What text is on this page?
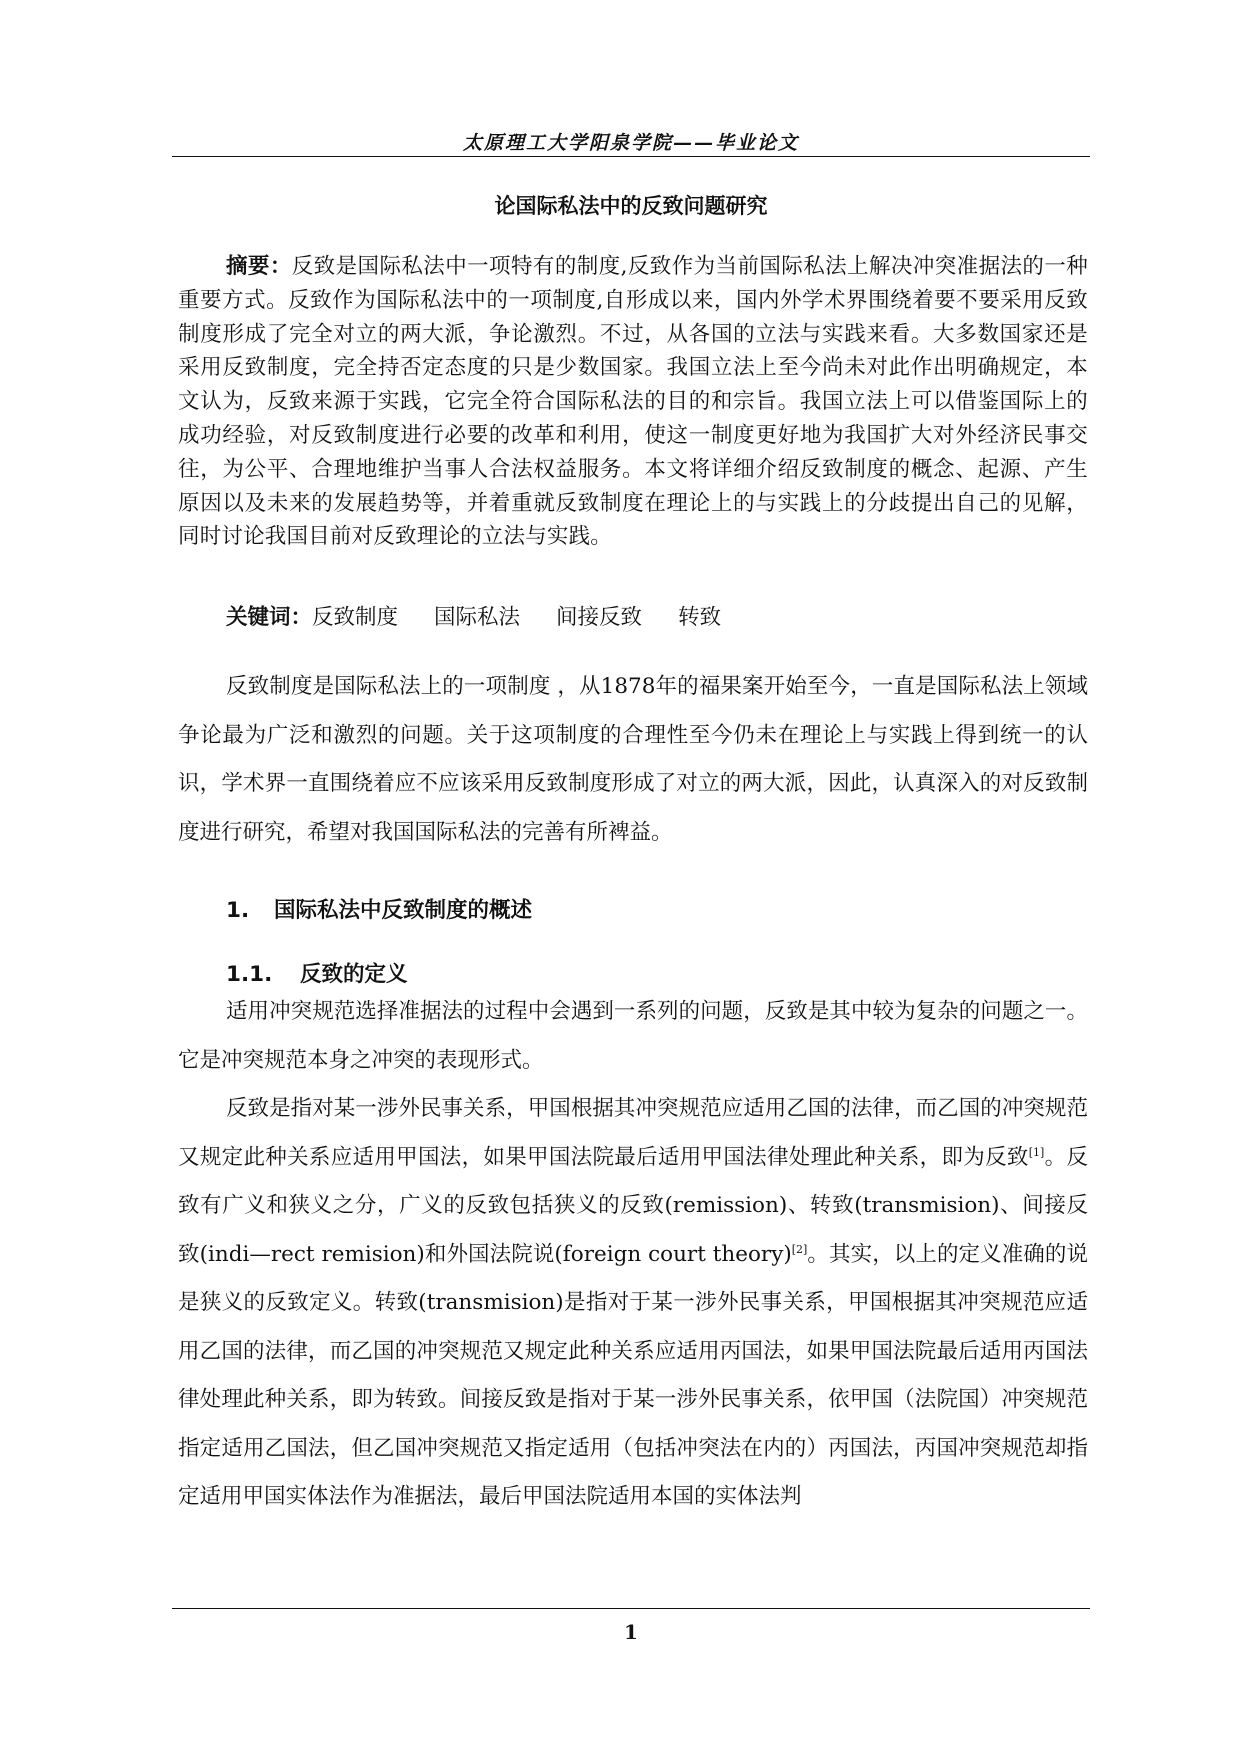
太原理工大学阳泉学院——毕业论文
论国际私法中的反致问题研究

摘要：反致是国际私法中一项特有的制度,反致作为当前国际私法上解决冲突准据法的一种重要方式。反致作为国际私法中的一项制度,自形成以来，国内外学术界围绕着要不要采用反致制度形成了完全对立的两大派，争论激烈。不过，从各国的立法与实践来看。大多数国家还是采用反致制度，完全持否定态度的只是少数国家。我国立法上至今尚未对此作出明确规定，本文认为，反致来源于实践，它完全符合国际私法的目的和宗旨。我国立法上可以借鉴国际上的成功经验，对反致制度进行必要的改革和利用，使这一制度更好地为我国扩大对外经济民事交往，为公平、合理地维护当事人合法权益服务。本文将详细介绍反致制度的概念、起源、产生原因以及未来的发展趋势等，并着重就反致制度在理论上的与实践上的分歧提出自己的见解，同时讨论我国目前对反致理论的立法与实践。

关键词：反致制度 国际私法 间接反致 转致

反致制度是国际私法上的一项制度 ，从1878年的福果案开始至今，一直是国际私法上领域争论最为广泛和激烈的问题。关于这项制度的合理性至今仍未在理论上与实践上得到统一的认识，学术界一直围绕着应不应该采用反致制度形成了对立的两大派，因此，认真深入的对反致制度进行研究，希望对我国国际私法的完善有所裨益。

1. 国际私法中反致制度的概述
1.1. 反致的定义

适用冲突规范选择准据法的过程中会遇到一系列的问题，反致是其中较为复杂的问题之一。它是冲突规范本身之冲突的表现形式。

反致是指对某一涉外民事关系，甲国根据其冲突规范应适用乙国的法律，而乙国的冲突规范又规定此种关系应适用甲国法，如果甲国法院最后适用甲国法律处理此种关系，即为反致[1]。反致有广义和狭义之分，广义的反致包括狭义的反致(remission)、转致(transmision)、间接反致(indi—rect remision)和外国法院说(foreign court theory)[2]。其实，以上的定义准确的说是狭义的反致定义。转致(transmision)是指对于某一涉外民事关系，甲国根据其冲突规范应适用乙国的法律，而乙国的冲突规范又规定此种关系应适用丙国法，如果甲国法院最后适用丙国法律处理此种关系，即为转致。间接反致是指对于某一涉外民事关系，依甲国（法院国）冲突规范指定适用乙国法，但乙国冲突规范又指定适用（包括冲突法在内的）丙国法，丙国冲突规范却指定适用甲国实体法作为准据法，最后甲国法院适用本国的实体法判

1
